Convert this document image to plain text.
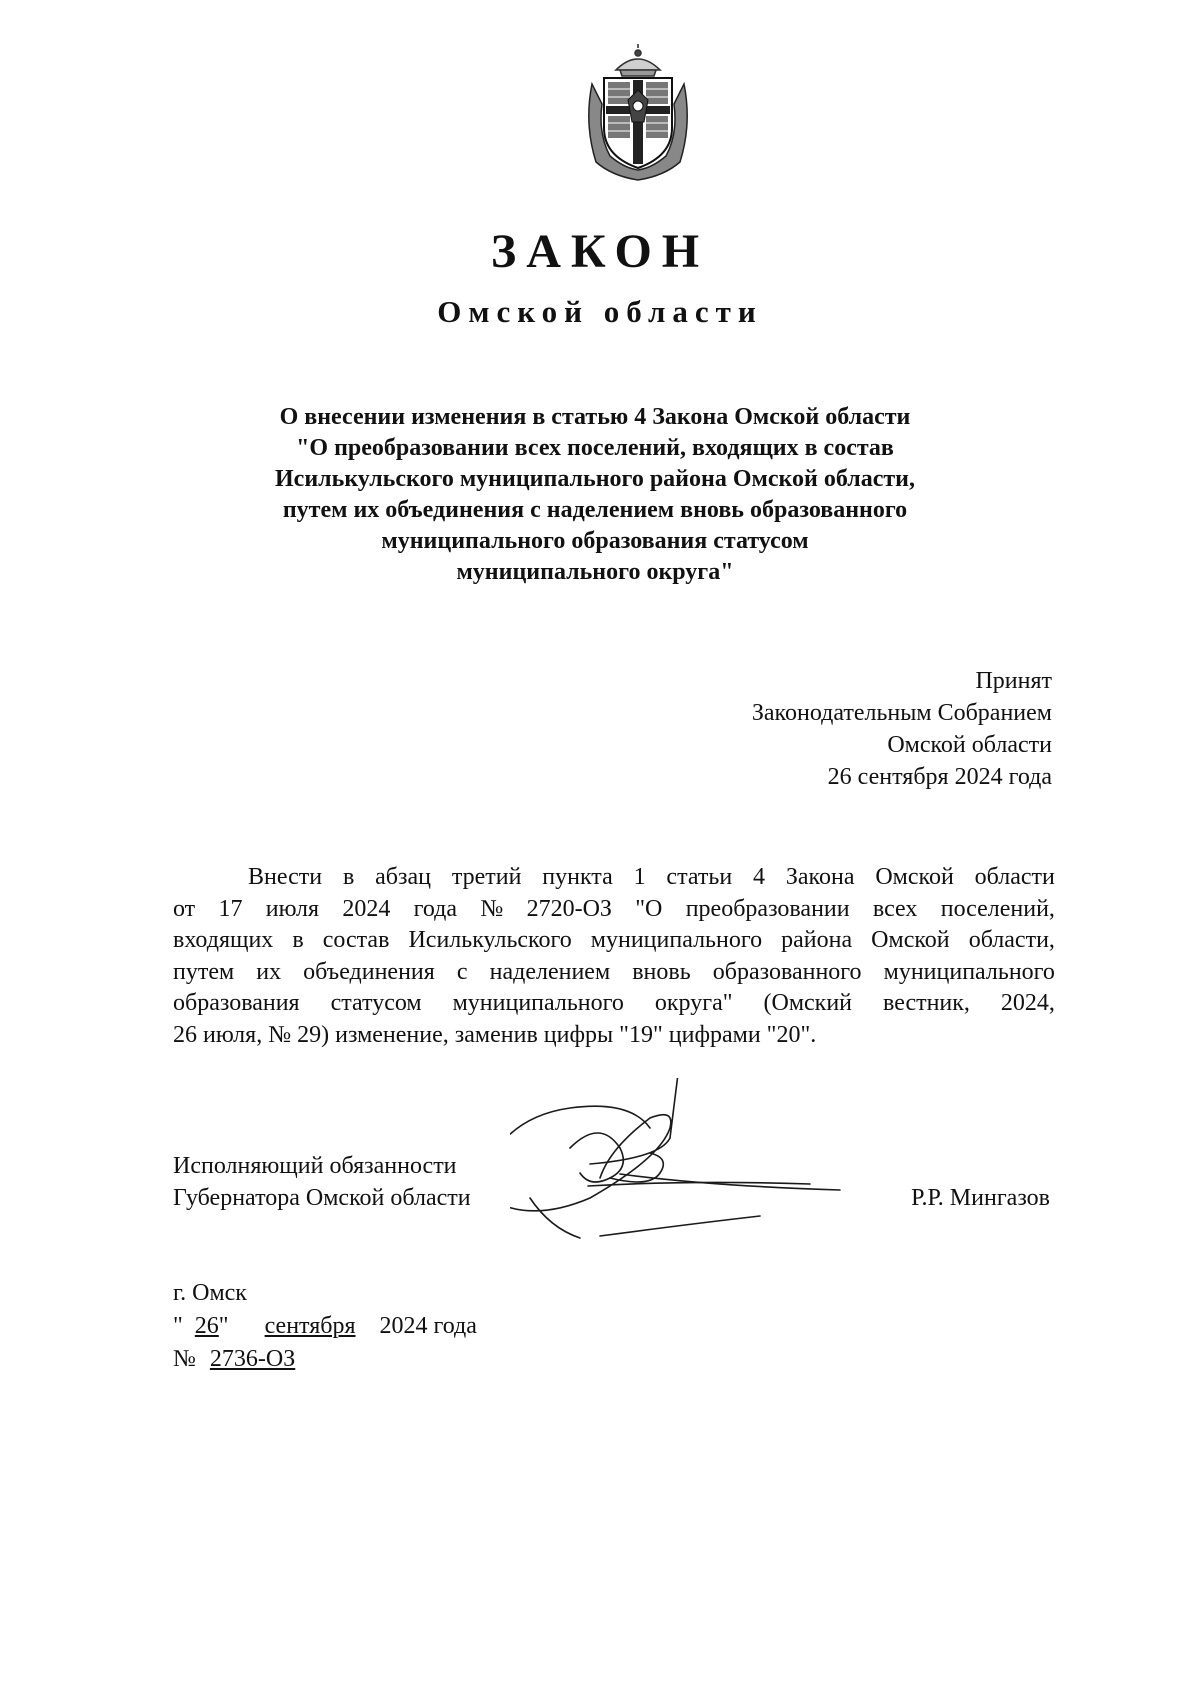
ЗАКОН
Омской области
О внесении изменения в статью 4 Закона Омской области
"О преобразовании всех поселений, входящих в состав
Исилькульского муниципального района Омской области,
путем их объединения с наделением вновь образованного
муниципального образования статусом
муниципального округа"
Принят
Законодательным Собранием
Омской области
26 сентября 2024 года
Внести в абзац третий пункта 1 статьи 4 Закона Омской области
от 17 июля 2024 года № 2720-ОЗ "О преобразовании всех поселений,
входящих в состав Исилькульского муниципального района Омской области,
путем их объединения с наделением вновь образованного муниципального
образования статусом муниципального округа" (Омский вестник, 2024,
26 июля, № 29) изменение, заменив цифры "19" цифрами "20".
Исполняющий обязанности
Губернатора Омской области	Р.Р. Мингазов
г. Омск
" 26" сентября 2024 года
№ 2736-ОЗ
